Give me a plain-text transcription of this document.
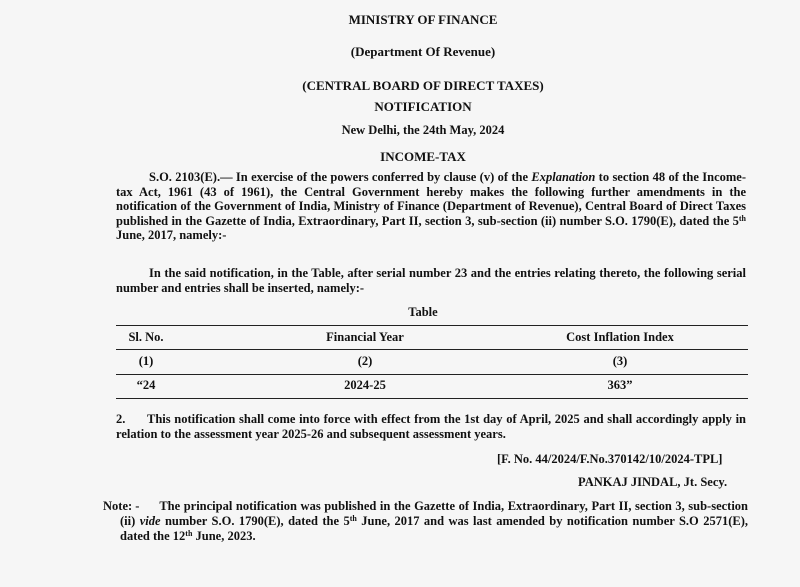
MINISTRY OF FINANCE
(Department Of Revenue)
(CENTRAL BOARD OF DIRECT TAXES)
NOTIFICATION
New Delhi, the 24th May, 2024
INCOME-TAX
S.O. 2103(E).— In exercise of the powers conferred by clause (v) of the Explanation to section 48 of the Income-tax Act, 1961 (43 of 1961), the Central Government hereby makes the following further amendments in the notification of the Government of India, Ministry of Finance (Department of Revenue), Central Board of Direct Taxes published in the Gazette of India, Extraordinary, Part II, section 3, sub-section (ii) number S.O. 1790(E), dated the 5th June, 2017, namely:-
In the said notification, in the Table, after serial number 23 and the entries relating thereto, the following serial number and entries shall be inserted, namely:-
Table
Sl. No.	Financial Year	Cost Inflation Index
(1)	(2)	(3)
“24	2024-25	363”
2. This notification shall come into force with effect from the 1st day of April, 2025 and shall accordingly apply in relation to the assessment year 2025-26 and subsequent assessment years.
[F. No. 44/2024/F.No.370142/10/2024-TPL]
PANKAJ JINDAL, Jt. Secy.
Note: -	The principal notification was published in the Gazette of India, Extraordinary, Part II, section 3, sub-section (ii) vide number S.O. 1790(E), dated the 5th June, 2017 and was last amended by notification number S.O 2571(E), dated the 12th June, 2023.
